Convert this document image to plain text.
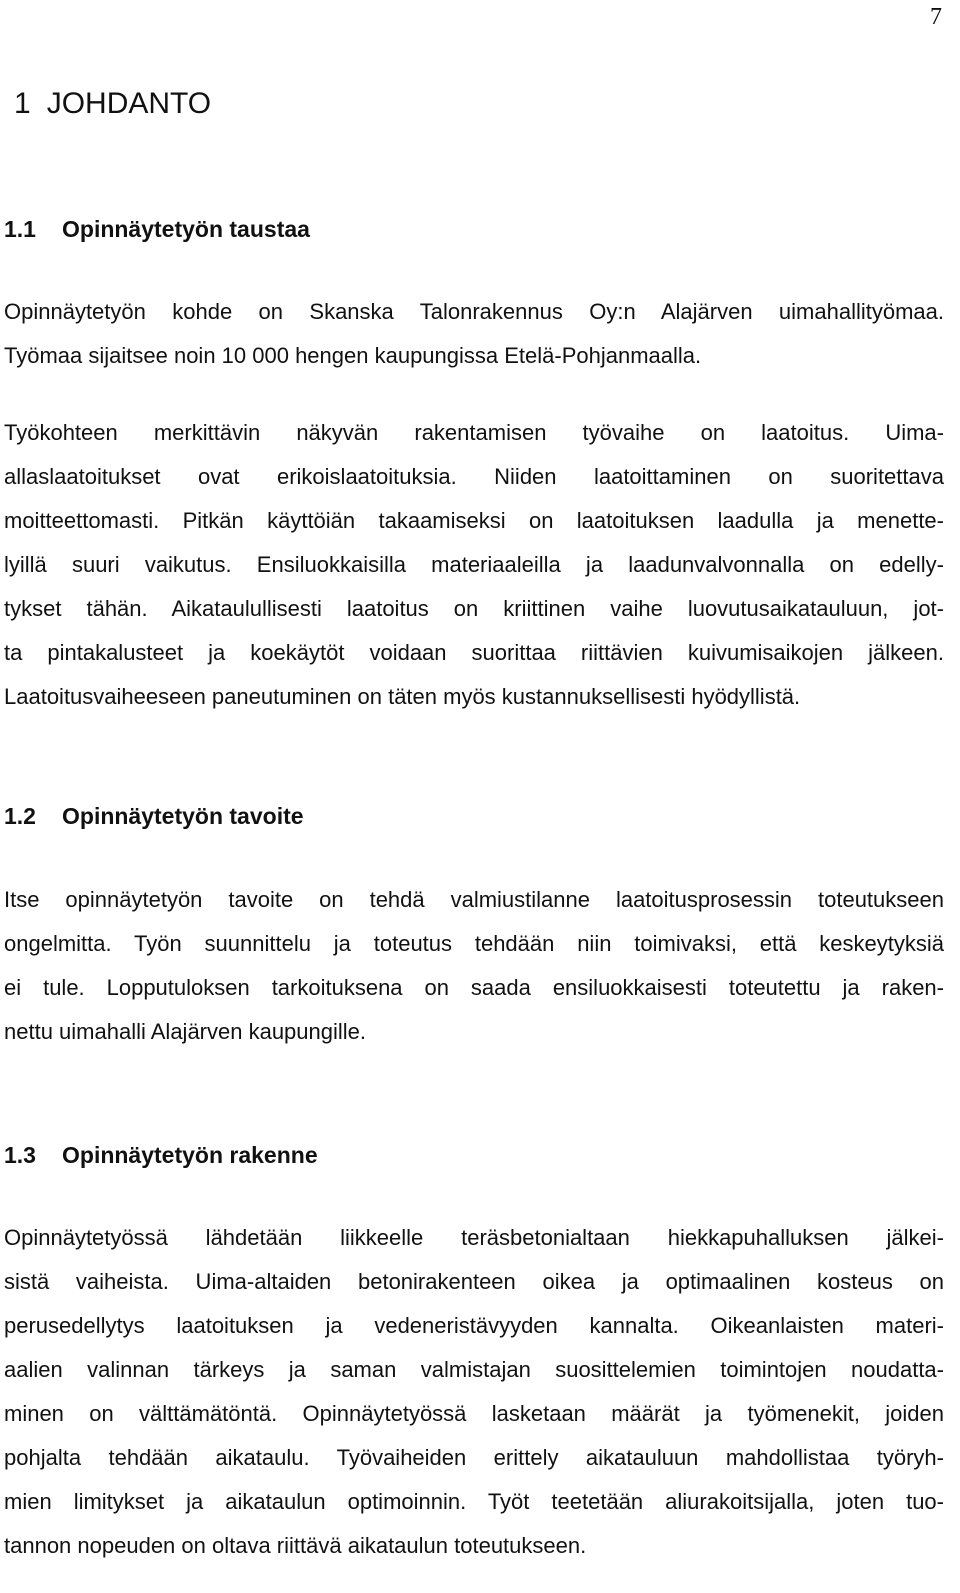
7
1 JOHDANTO
1.1 Opinnäytetyön taustaa

Opinnäytetyön kohde on Skanska Talonrakennus Oy:n Alajärven uimahallityömaa.
Työmaa sijaitsee noin 10 000 hengen kaupungissa Etelä-Pohjanmaalla.

Työkohteen merkittävin näkyvän rakentamisen työvaihe on laatoitus. Uima-
allaslaatoitukset ovat erikoislaatoituksia. Niiden laatoittaminen on suoritettava
moitteettomasti. Pitkän käyttöiän takaamiseksi on laatoituksen laadulla ja menette-
lyillä suuri vaikutus. Ensiluokkaisilla materiaaleilla ja laadunvalvonnalla on edelly-
tykset tähän. Aikataulullisesti laatoitus on kriittinen vaihe luovutusaikatauluun, jot-
ta pintakalusteet ja koekäytöt voidaan suorittaa riittävien kuivumisaikojen jälkeen.
Laatoitusvaiheeseen paneutuminen on täten myös kustannuksellisesti hyödyllistä.

1.2 Opinnäytetyön tavoite

Itse opinnäytetyön tavoite on tehdä valmiustilanne laatoitusprosessin toteutukseen
ongelmitta. Työn suunnittelu ja toteutus tehdään niin toimivaksi, että keskeytyksiä
ei tule. Lopputuloksen tarkoituksena on saada ensiluokkaisesti toteutettu ja raken-
nettu uimahalli Alajärven kaupungille.

1.3 Opinnäytetyön rakenne

Opinnäytetyössä lähdetään liikkeelle teräsbetonialtaan hiekkapuhalluksen jälkei-
sistä vaiheista. Uima-altaiden betonirakenteen oikea ja optimaalinen kosteus on
perusedellytys laatoituksen ja vedeneristävyyden kannalta. Oikeanlaisten materi-
aalien valinnan tärkeys ja saman valmistajan suosittelemien toimintojen noudatta-
minen on välttämätöntä. Opinnäytetyössä lasketaan määrät ja työmenekit, joiden
pohjalta tehdään aikataulu. Työvaiheiden erittely aikatauluun mahdollistaa työryh-
mien limitykset ja aikataulun optimoinnin. Työt teetetään aliurakoitsijalla, joten tuo-
tannon nopeuden on oltava riittävä aikataulun toteutukseen.
